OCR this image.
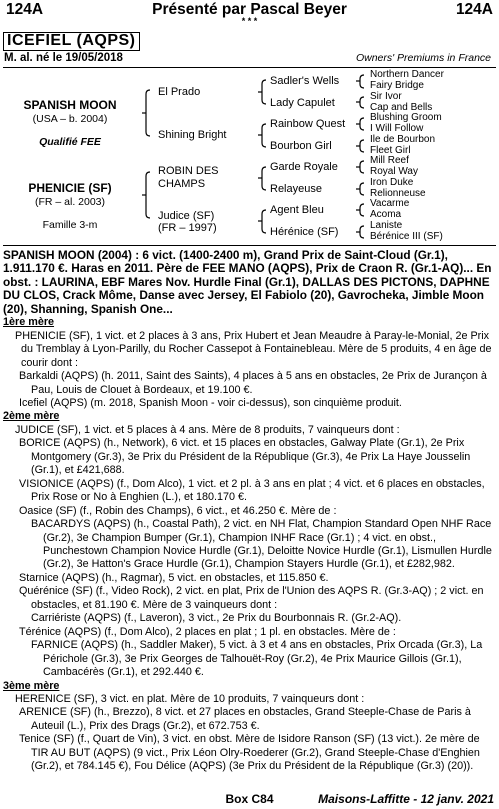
124A	Présenté par Pascal Beyer	124A
* * *
ICEFIEL (AQPS)
M. al. né le 19/05/2018	Owners' Premiums in France
SPANISH MOON
(USA – b. 2004)
Qualifié FEE
PHENICIE (SF)
(FR – al. 2003)
Famille 3-m
El Prado
Shining Bright
ROBIN DES CHAMPS
Judice (SF)
(FR – 1997)
Sadler's Wells
Lady Capulet
Rainbow Quest
Bourbon Girl
Garde Royale
Relayeuse
Agent Bleu
Hérénice (SF)
Northern Dancer
Fairy Bridge
Sir Ivor
Cap and Bells
Blushing Groom
I Will Follow
Ile de Bourbon
Fleet Girl
Mill Reef
Royal Way
Iron Duke
Relionneuse
Vacarme
Acoma
Laniste
Bérénice III (SF)

SPANISH MOON (2004) : 6 vict. (1400-2400 m), Grand Prix de Saint-Cloud (Gr.1), 1.911.170 €. Haras en 2011. Père de FEE MANO (AQPS), Prix de Craon R. (Gr.1-AQ)... En obst. : LAURINA, EBF Mares Nov. Hurdle Final (Gr.1), DALLAS DES PICTONS, DAPHNE DU CLOS, Crack Môme, Danse avec Jersey, El Fabiolo (20), Gavrocheka, Jimble Moon (20), Shanning, Spanish One...

1ère mère

PHENICIE (SF), 1 vict. et 2 places à 3 ans, Prix Hubert et Jean Meaudre à Paray-le-Monial, 2e Prix du Tremblay à Lyon-Parilly, du Rocher Cassepot à Fontainebleau. Mère de 5 produits, 4 en âge de courir dont :

Barkaldi (AQPS) (h. 2011, Saint des Saints), 4 places à 5 ans en obstacles, 2e Prix de Jurançon à Pau, Louis de Clouet à Bordeaux, et 19.100 €.

Icefiel (AQPS) (m. 2018, Spanish Moon - voir ci-dessus), son cinquième produit.

2ème mère

JUDICE (SF), 1 vict. et 5 places à 4 ans. Mère de 8 produits, 7 vainqueurs dont :

BORICE (AQPS) (h., Network), 6 vict. et 15 places en obstacles, Galway Plate (Gr.1), 2e Prix Montgomery (Gr.3), 3e Prix du Président de la République (Gr.3), 4e Prix La Haye Jousselin (Gr.1), et £421,688.

VISIONICE (AQPS) (f., Dom Alco), 1 vict. et 2 pl. à 3 ans en plat ; 4 vict. et 6 places en obstacles, Prix Rose or No à Enghien (L.), et 180.170 €.

Oasice (SF) (f., Robin des Champs), 6 vict., et 46.250 €. Mère de :

BACARDYS (AQPS) (h., Coastal Path), 2 vict. en NH Flat, Champion Standard Open NHF Race (Gr.2), 3e Champion Bumper (Gr.1), Champion INHF Race (Gr.1) ; 4 vict. en obst., Punchestown Champion Novice Hurdle (Gr.1), Deloitte Novice Hurdle (Gr.1), Lismullen Hurdle (Gr.2), 3e Hatton's Grace Hurdle (Gr.1), Champion Stayers Hurdle (Gr.1), et £282,982.

Starnice (AQPS) (h., Ragmar), 5 vict. en obstacles, et 115.850 €.

Quérénice (SF) (f., Video Rock), 2 vict. en plat, Prix de l'Union des AQPS R. (Gr.3-AQ) ; 2 vict. en obstacles, et 81.190 €. Mère de 3 vainqueurs dont :

Carriériste (AQPS) (f., Laveron), 3 vict., 2e Prix du Bourbonnais R. (Gr.2-AQ).

Térénice (AQPS) (f., Dom Alco), 2 places en plat ; 1 pl. en obstacles. Mère de :

FARNICE (AQPS) (h., Saddler Maker), 5 vict. à 3 et 4 ans en obstacles, Prix Orcada (Gr.3), La Périchole (Gr.3), 3e Prix Georges de Talhouët-Roy (Gr.2), 4e Prix Maurice Gillois (Gr.1), Cambacérès (Gr.1), et 292.440 €.

3ème mère

HERENICE (SF), 3 vict. en plat. Mère de 10 produits, 7 vainqueurs dont :

ARENICE (SF) (h., Brezzo), 8 vict. et 27 places en obstacles, Grand Steeple-Chase de Paris à Auteuil (L.), Prix des Drags (Gr.2), et 672.753 €.

Tenice (SF) (f., Quart de Vin), 3 vict. en obst. Mère de Isidore Ranson (SF) (13 vict.). 2e mère de TIR AU BUT (AQPS) (9 vict., Prix Léon Olry-Roederer (Gr.2), Grand Steeple-Chase d'Enghien (Gr.2), et 784.145 €), Fou Délice (AQPS) (3e Prix du Président de la République (Gr.3) (20)).

Box C84	Maisons-Laffitte - 12 janv. 2021
